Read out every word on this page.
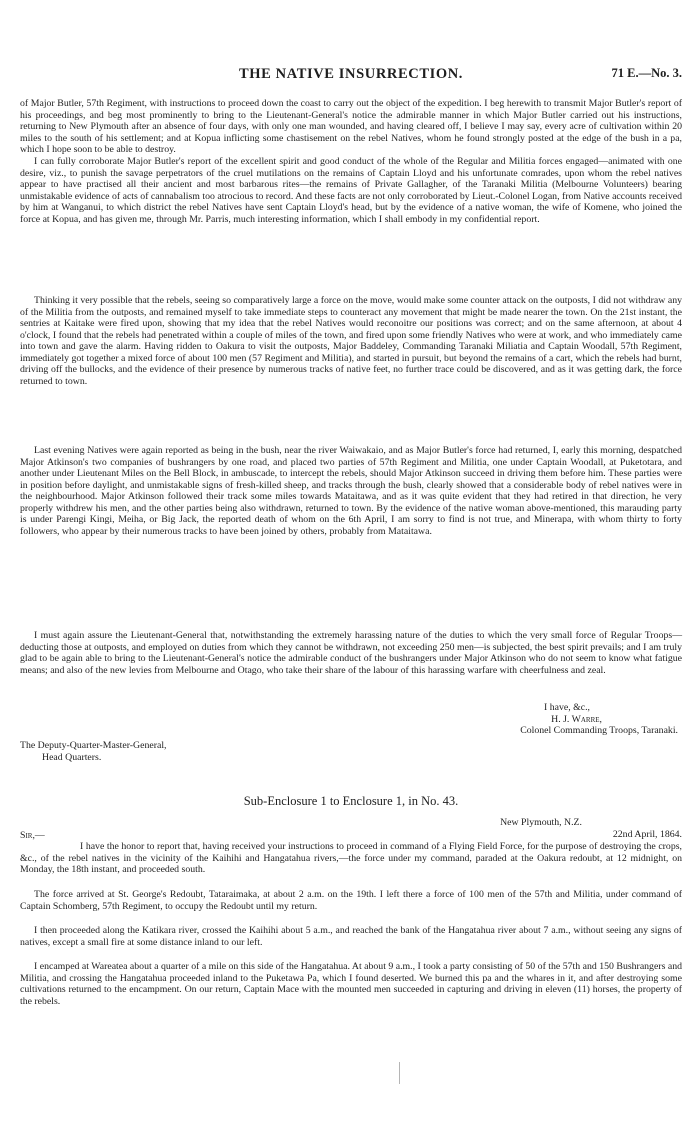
THE NATIVE INSURRECTION.	71 E.—No. 3.

of Major Butler, 57th Regiment, with instructions to proceed down the coast to carry out the object of the expedition. I beg herewith to transmit Major Butler's report of his proceedings, and beg most prominently to bring to the Lieutenant-General's notice the admirable manner in which Major Butler carried out his instructions, returning to New Plymouth after an absence of four days, with only one man wounded, and having cleared off, I believe I may say, every acre of cultivation within 20 miles to the south of his settlement; and at Kopua inflicting some chastisement on the rebel Natives, whom he found strongly posted at the edge of the bush in a pa, which I hope soon to be able to destroy.

I can fully corroborate Major Butler's report of the excellent spirit and good conduct of the whole of the Regular and Militia forces engaged—animated with one desire, viz., to punish the savage perpetrators of the cruel mutilations on the remains of Captain Lloyd and his unfortunate comrades, upon whom the rebel natives appear to have practised all their ancient and most barbarous rites—the remains of Private Gallagher, of the Taranaki Militia (Melbourne Volunteers) bearing unmistakable evidence of acts of cannabalism too atrocious to record. And these facts are not only corroborated by Lieut.-Colonel Logan, from Native accounts received by him at Wanganui, to which district the rebel Natives have sent Captain Lloyd's head, but by the evidence of a native woman, the wife of Komene, who joined the force at Kopua, and has given me, through Mr. Parris, much interesting information, which I shall embody in my confidential report.

Thinking it very possible that the rebels, seeing so comparatively large a force on the move, would make some counter attack on the outposts, I did not withdraw any of the Militia from the outposts, and remained myself to take immediate steps to counteract any movement that might be made nearer the town. On the 21st instant, the sentries at Kaitake were fired upon, showing that my idea that the rebel Natives would reconoitre our positions was correct; and on the same afternoon, at about 4 o'clock, I found that the rebels had penetrated within a couple of miles of the town, and fired upon some friendly Natives who were at work, and who immediately came into town and gave the alarm. Having ridden to Oakura to visit the outposts, Major Baddeley, Commanding Taranaki Miliatia and Captain Woodall, 57th Regiment, immediately got together a mixed force of about 100 men (57 Regiment and Militia), and started in pursuit, but beyond the remains of a cart, which the rebels had burnt, driving off the bullocks, and the evidence of their presence by numerous tracks of native feet, no further trace could be discovered, and as it was getting dark, the force returned to town.

Last evening Natives were again reported as being in the bush, near the river Waiwakaio, and as Major Butler's force had returned, I, early this morning, despatched Major Atkinson's two companies of bushrangers by one road, and placed two parties of 57th Regiment and Militia, one under Captain Woodall, at Puketotara, and another under Lieutenant Miles on the Bell Block, in ambuscade, to intercept the rebels, should Major Atkinson succeed in driving them before him. These parties were in position before daylight, and unmistakable signs of fresh-killed sheep, and tracks through the bush, clearly showed that a considerable body of rebel natives were in the neighbourhood. Major Atkinson followed their track some miles towards Mataitawa, and as it was quite evident that they had retired in that direction, he very properly withdrew his men, and the other parties being also withdrawn, returned to town. By the evidence of the native woman above-mentioned, this marauding party is under Parengi Kingi, Meiha, or Big Jack, the reported death of whom on the 6th April, I am sorry to find is not true, and Minerapa, with whom thirty to forty followers, who appear by their numerous tracks to have been joined by others, probably from Mataitawa.

I must again assure the Lieutenant-General that, notwithstanding the extremely harassing nature of the duties to which the very small force of Regular Troops—deducting those at outposts, and employed on duties from which they cannot be withdrawn, not exceeding 250 men—is subjected, the best spirit prevails; and I am truly glad to be again able to bring to the Lieutenant-General's notice the admirable conduct of the bushrangers under Major Atkinson who do not seem to know what fatigue means; and also of the new levies from Melbourne and Otago, who take their share of the labour of this harassing warfare with cheerfulness and zeal.

I have, &c.,
H. J. Warre,
Colonel Commanding Troops, Taranaki.
The Deputy-Quarter-Master-General,
Head Quarters.
Sub-Enclosure 1 to Enclosure 1, in No. 43.
New Plymouth, N.Z.
22nd April, 1864.
Sir,—

I have the honor to report that, having received your instructions to proceed in command of a Flying Field Force, for the purpose of destroying the crops, &c., of the rebel natives in the vicinity of the Kaihihi and Hangatahua rivers,—the force under my command, paraded at the Oakura redoubt, at 12 midnight, on Monday, the 18th instant, and proceeded south.

The force arrived at St. George's Redoubt, Tataraimaka, at about 2 a.m. on the 19th. I left there a force of 100 men of the 57th and Militia, under command of Captain Schomberg, 57th Regiment, to occupy the Redoubt until my return.

I then proceeded along the Katikara river, crossed the Kaihihi about 5 a.m., and reached the bank of the Hangatahua river about 7 a.m., without seeing any signs of natives, except a small fire at some distance inland to our left.

I encamped at Wareatea about a quarter of a mile on this side of the Hangatahua. At about 9 a.m., I took a party consisting of 50 of the 57th and 150 Bushrangers and Militia, and crossing the Hangatahua proceeded inland to the Puketawa Pa, which I found deserted. We burned this pa and the whares in it, and after destroying some cultivations returned to the encampment. On our return, Captain Mace with the mounted men succeeded in capturing and driving in eleven (11) horses, the property of the rebels.
